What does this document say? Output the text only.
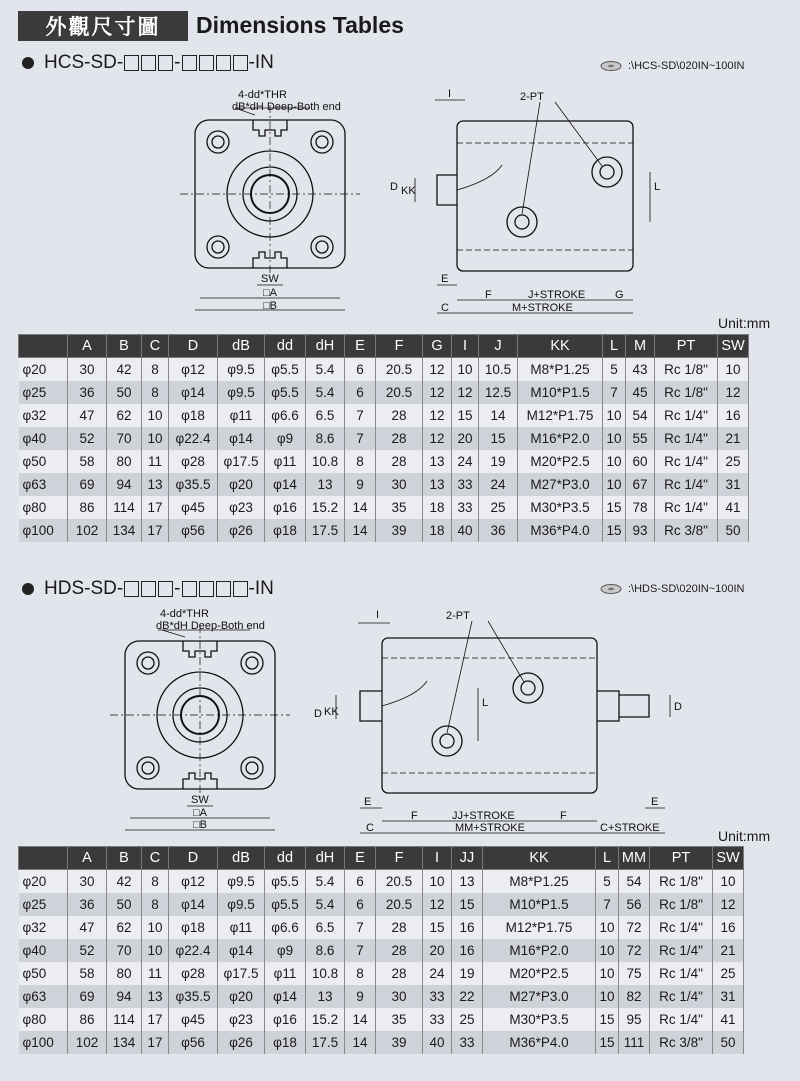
外觀尺寸圖	Dimensions Tables
HCS-SD-	-	-IN	:\HCS-SD\020IN~100IN
4-dd*THR
dB*dH Deep-Both end
SW
□A
□B
I	2-PT
D KK	L
E
F	J+STROKE	G
C	M+STROKE
Unit:mm
	A	B	C	D	dB	dd	dH	E	F	G	I	J	KK	L	M	PT	SW
φ20	30	42	8	φ12	φ9.5	φ5.5	5.4	6	20.5	12	10	10.5	M8*P1.25	5	43	Rc 1/8"	10
φ25	36	50	8	φ14	φ9.5	φ5.5	5.4	6	20.5	12	12	12.5	M10*P1.5	7	45	Rc 1/8"	12
φ32	47	62	10	φ18	φ11	φ6.6	6.5	7	28	12	15	14	M12*P1.75	10	54	Rc 1/4"	16
φ40	52	70	10	φ22.4	φ14	φ9	8.6	7	28	12	20	15	M16*P2.0	10	55	Rc 1/4"	21
φ50	58	80	11	φ28	φ17.5	φ11	10.8	8	28	13	24	19	M20*P2.5	10	60	Rc 1/4"	25
φ63	69	94	13	φ35.5	φ20	φ14	13	9	30	13	33	24	M27*P3.0	10	67	Rc 1/4"	31
φ80	86	114	17	φ45	φ23	φ16	15.2	14	35	18	33	25	M30*P3.5	15	78	Rc 1/4"	41
φ100	102	134	17	φ56	φ26	φ18	17.5	14	39	18	40	36	M36*P4.0	15	93	Rc 3/8"	50
HDS-SD-	-	-IN	:\HDS-SD\020IN~100IN
4-dd*THR
dB*dH Deep-Both end
SW
□A
□B
I	2-PT
D KK
L	D
E
F	JJ+STROKE	F
E
C	MM+STROKE	C+STROKE	Unit:mm
	A	B	C	D	dB	dd	dH	E	F	I	JJ	KK	L	MM	PT	SW
φ20	30	42	8	φ12	φ9.5	φ5.5	5.4	6	20.5	10	13	M8*P1.25	5	54	Rc 1/8"	10
φ25	36	50	8	φ14	φ9.5	φ5.5	5.4	6	20.5	12	15	M10*P1.5	7	56	Rc 1/8"	12
φ32	47	62	10	φ18	φ11	φ6.6	6.5	7	28	15	16	M12*P1.75	10	72	Rc 1/4"	16
φ40	52	70	10	φ22.4	φ14	φ9	8.6	7	28	20	16	M16*P2.0	10	72	Rc 1/4"	21
φ50	58	80	11	φ28	φ17.5	φ11	10.8	8	28	24	19	M20*P2.5	10	75	Rc 1/4"	25
φ63	69	94	13	φ35.5	φ20	φ14	13	9	30	33	22	M27*P3.0	10	82	Rc 1/4"	31
φ80	86	114	17	φ45	φ23	φ16	15.2	14	35	33	25	M30*P3.5	15	95	Rc 1/4"	41
φ100	102	134	17	φ56	φ26	φ18	17.5	14	39	40	33	M36*P4.0	15	111	Rc 3/8"	50
